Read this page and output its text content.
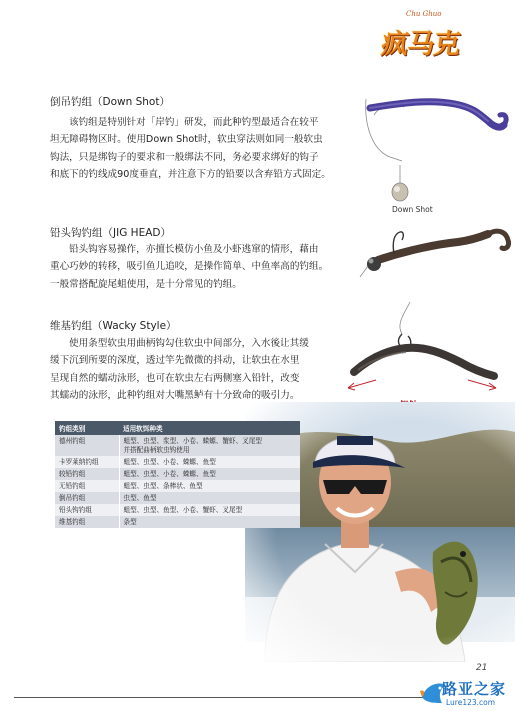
Chu Ghuo
疯马克
倒吊钓组（Down Shot）
该钓组是特别针对「岸钓」研发，而此种钓型最适合在较平
坦无障碍物区时。使用Down Shot时，软虫穿法则如同一般软虫
钩法，只是绑钩子的要求和一般绑法不同，务必要求绑好的钩子
和底下的钓线成90度垂直，并注意下方的铅要以含弃铅方式固定。
Down Shot
铅头钩钓组（JIG HEAD）
铅头钩容易操作，亦擅长模仿小鱼及小虾逃窜的情形，藉由
重心巧妙的转移，吸引鱼儿追咬，是操作简单、中鱼率高的钓组。
一般常搭配旋尾蛆使用，是十分常见的钓组。
维基钓组（Wacky Style）
使用条型软虫用曲柄钩勾住软虫中间部分，入水後让其缓
缓下沉到所要的深度，透过竿先微微的抖动，让软虫在水里
呈现自然的蠕动泳形，也可在软虫左右两侧塞入铅针，改变
其蠕动的泳形，此种钓组对大嘴黑鲈有十分致命的吸引力。
钓组类别	适用软饵种类
德州钓组	蛆型、虫型、浆型、小卷、蝾螈、蟹虾、叉尾型
并搭配曲柄软虫钩使用

卡罗莱纳钓组	蛆型、虫型、小卷、蝾螈、鱼型
较铅钓组	蛆型、虫型、小卷、蝾螈、鱼型
无铅钓组	蛆型、虫型、条棒状、鱼型
倒吊钓组	虫型、鱼型
铅头钩钓组	蛆型、虫型、鱼型、小卷、蟹虾、叉尾型
维基钓组	条型
21
路亚之家
Lure123.com
